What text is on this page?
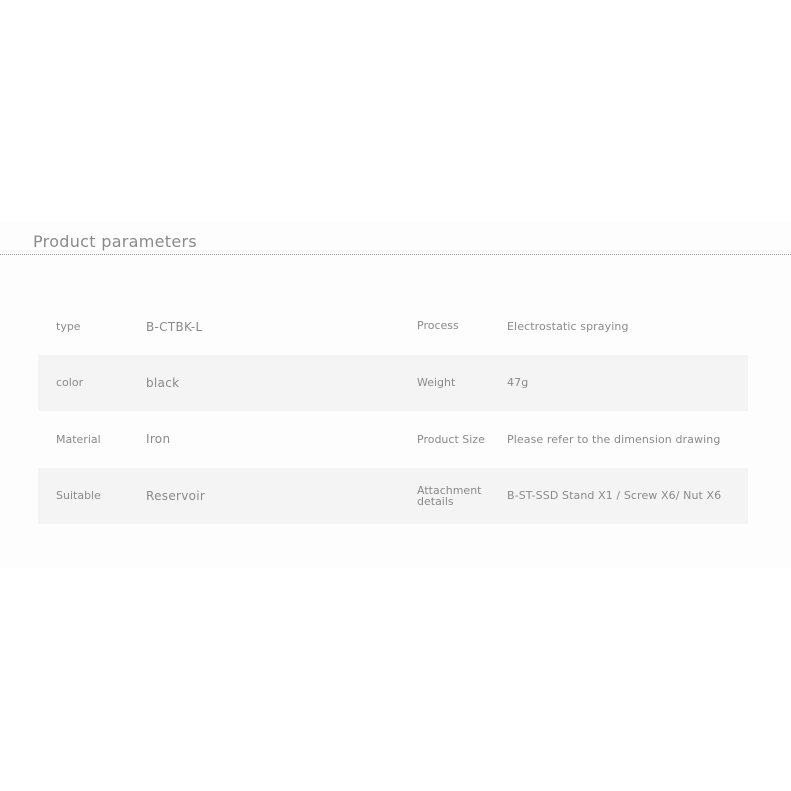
Product parameters
type	B-CTBK-L	Process	Electrostatic spraying
color	black	Weight	47g
Material	Iron	Product Size	Please refer to the dimension drawing
Suitable	Reservoir	Attachment details	B-ST-SSD Stand X1 / Screw X6/ Nut X6
